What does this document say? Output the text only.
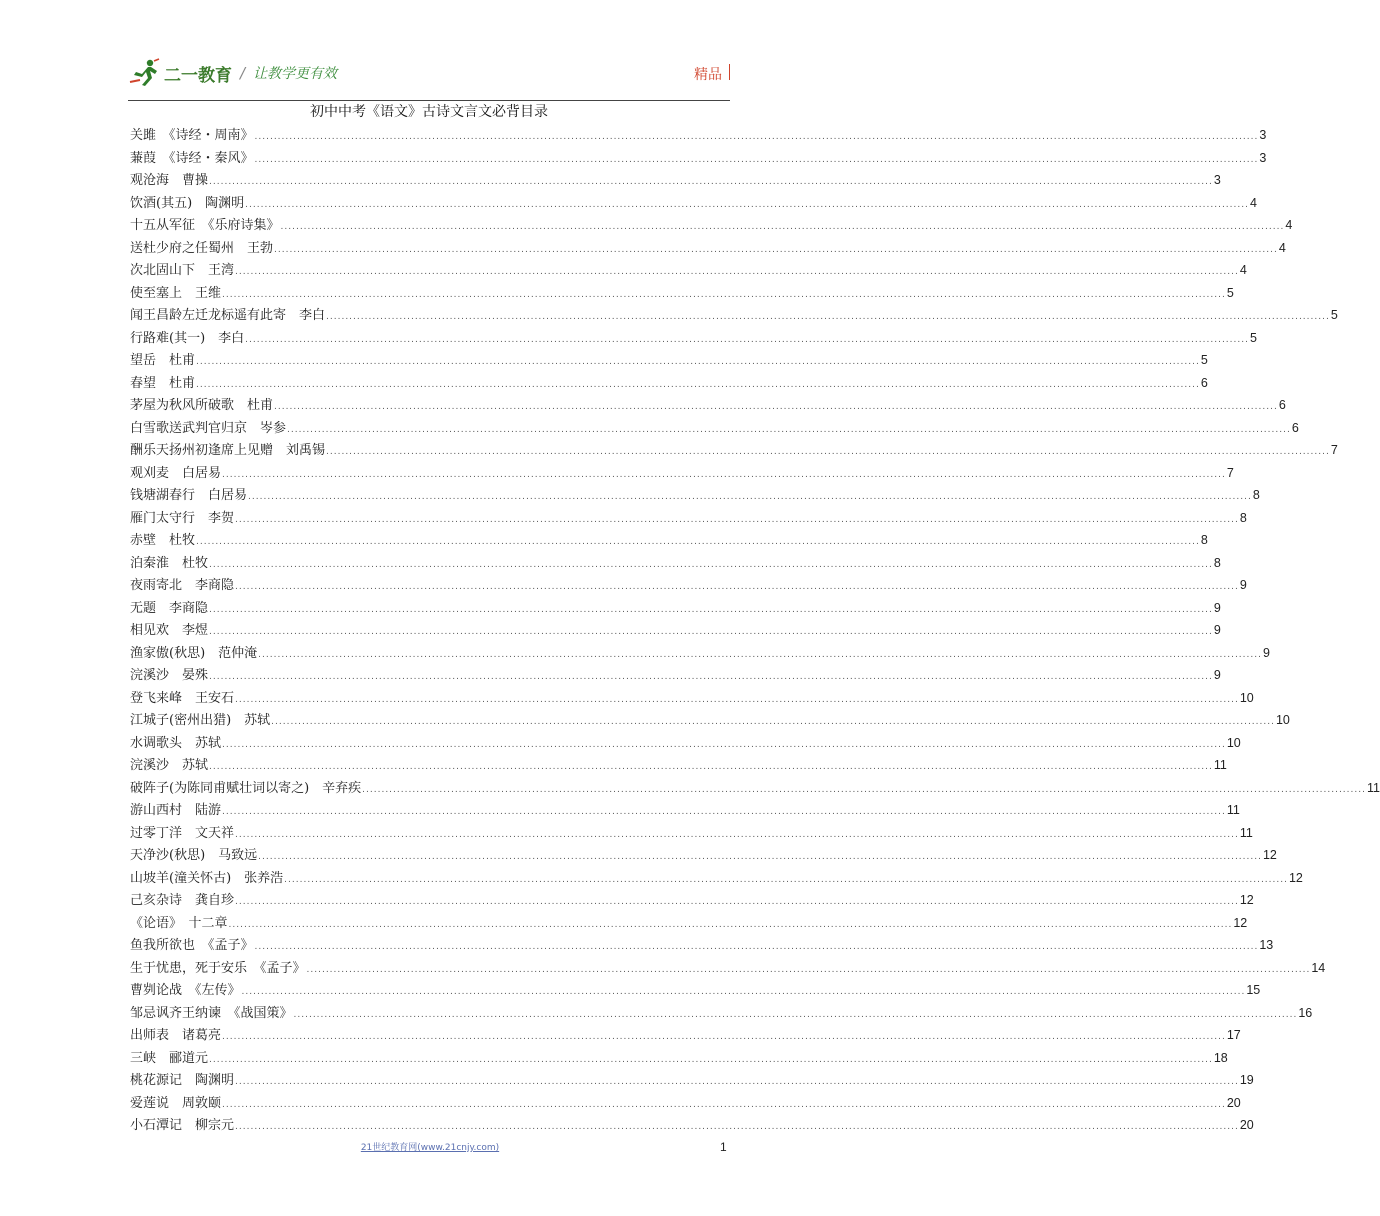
二一教育 / 让教学更有效	精品
初中中考《语文》古诗文言文必背目录
关雎　《诗经・周南》 .................................................................................................................................................................................................................................................................... 3
蒹葭　《诗经・秦风》 .................................................................................................................................................................................................................................................................... 3
观沧海　曹操 .................................................................................................................................................................................................................................................................... 3
饮酒(其五)　陶渊明 .................................................................................................................................................................................................................................................................... 4
十五从军征　《乐府诗集》 .................................................................................................................................................................................................................................................................... 4
送杜少府之任蜀州　王勃 .................................................................................................................................................................................................................................................................... 4
次北固山下　王湾 .................................................................................................................................................................................................................................................................... 4
使至塞上　王维 .................................................................................................................................................................................................................................................................... 5
闻王昌龄左迁龙标遥有此寄　李白 .................................................................................................................................................................................................................................................................... 5
行路难(其一)　李白 .................................................................................................................................................................................................................................................................... 5
望岳　杜甫 .................................................................................................................................................................................................................................................................... 5
春望　杜甫 .................................................................................................................................................................................................................................................................... 6
茅屋为秋风所破歌　杜甫 .................................................................................................................................................................................................................................................................... 6
白雪歌送武判官归京　岑参 .................................................................................................................................................................................................................................................................... 6
酬乐天扬州初逢席上见赠　刘禹锡 .................................................................................................................................................................................................................................................................... 7
观刈麦　白居易 .................................................................................................................................................................................................................................................................... 7
钱塘湖春行　白居易 .................................................................................................................................................................................................................................................................... 8
雁门太守行　李贺 .................................................................................................................................................................................................................................................................... 8
赤壁　杜牧 .................................................................................................................................................................................................................................................................... 8
泊秦淮　杜牧 .................................................................................................................................................................................................................................................................... 8
夜雨寄北　李商隐 .................................................................................................................................................................................................................................................................... 9
无题　李商隐 .................................................................................................................................................................................................................................................................... 9
相见欢　李煜 .................................................................................................................................................................................................................................................................... 9
渔家傲(秋思)　范仲淹 .................................................................................................................................................................................................................................................................... 9
浣溪沙　晏殊 .................................................................................................................................................................................................................................................................... 9
登飞来峰　王安石 .................................................................................................................................................................................................................................................................... 10
江城子(密州出猎)　苏轼 .................................................................................................................................................................................................................................................................... 10
水调歌头　苏轼 .................................................................................................................................................................................................................................................................... 10
浣溪沙　苏轼 .................................................................................................................................................................................................................................................................... 11
破阵子(为陈同甫赋壮词以寄之)　辛弃疾 .................................................................................................................................................................................................................................................................... 11
游山西村　陆游 .................................................................................................................................................................................................................................................................... 11
过零丁洋　文天祥 .................................................................................................................................................................................................................................................................... 11
天净沙(秋思)　马致远 .................................................................................................................................................................................................................................................................... 12
山坡羊(潼关怀古)　张养浩 .................................................................................................................................................................................................................................................................... 12
己亥杂诗　龚自珍 .................................................................................................................................................................................................................................................................... 12
《论语》　十二章 .................................................................................................................................................................................................................................................................... 12
鱼我所欲也　《孟子》 .................................................................................................................................................................................................................................................................... 13
生于忧患，死于安乐　《孟子》 .................................................................................................................................................................................................................................................................... 14
曹刿论战　《左传》 .................................................................................................................................................................................................................................................................... 15
邹忌讽齐王纳谏　《战国策》 .................................................................................................................................................................................................................................................................... 16
出师表　诸葛亮 .................................................................................................................................................................................................................................................................... 17
三峡　郦道元 .................................................................................................................................................................................................................................................................... 18
桃花源记　陶渊明 .................................................................................................................................................................................................................................................................... 19
爱莲说　周敦颐 .................................................................................................................................................................................................................................................................... 20
小石潭记　柳宗元 .................................................................................................................................................................................................................................................................... 20
21世纪教育网(www.21cnjy.com)	1
